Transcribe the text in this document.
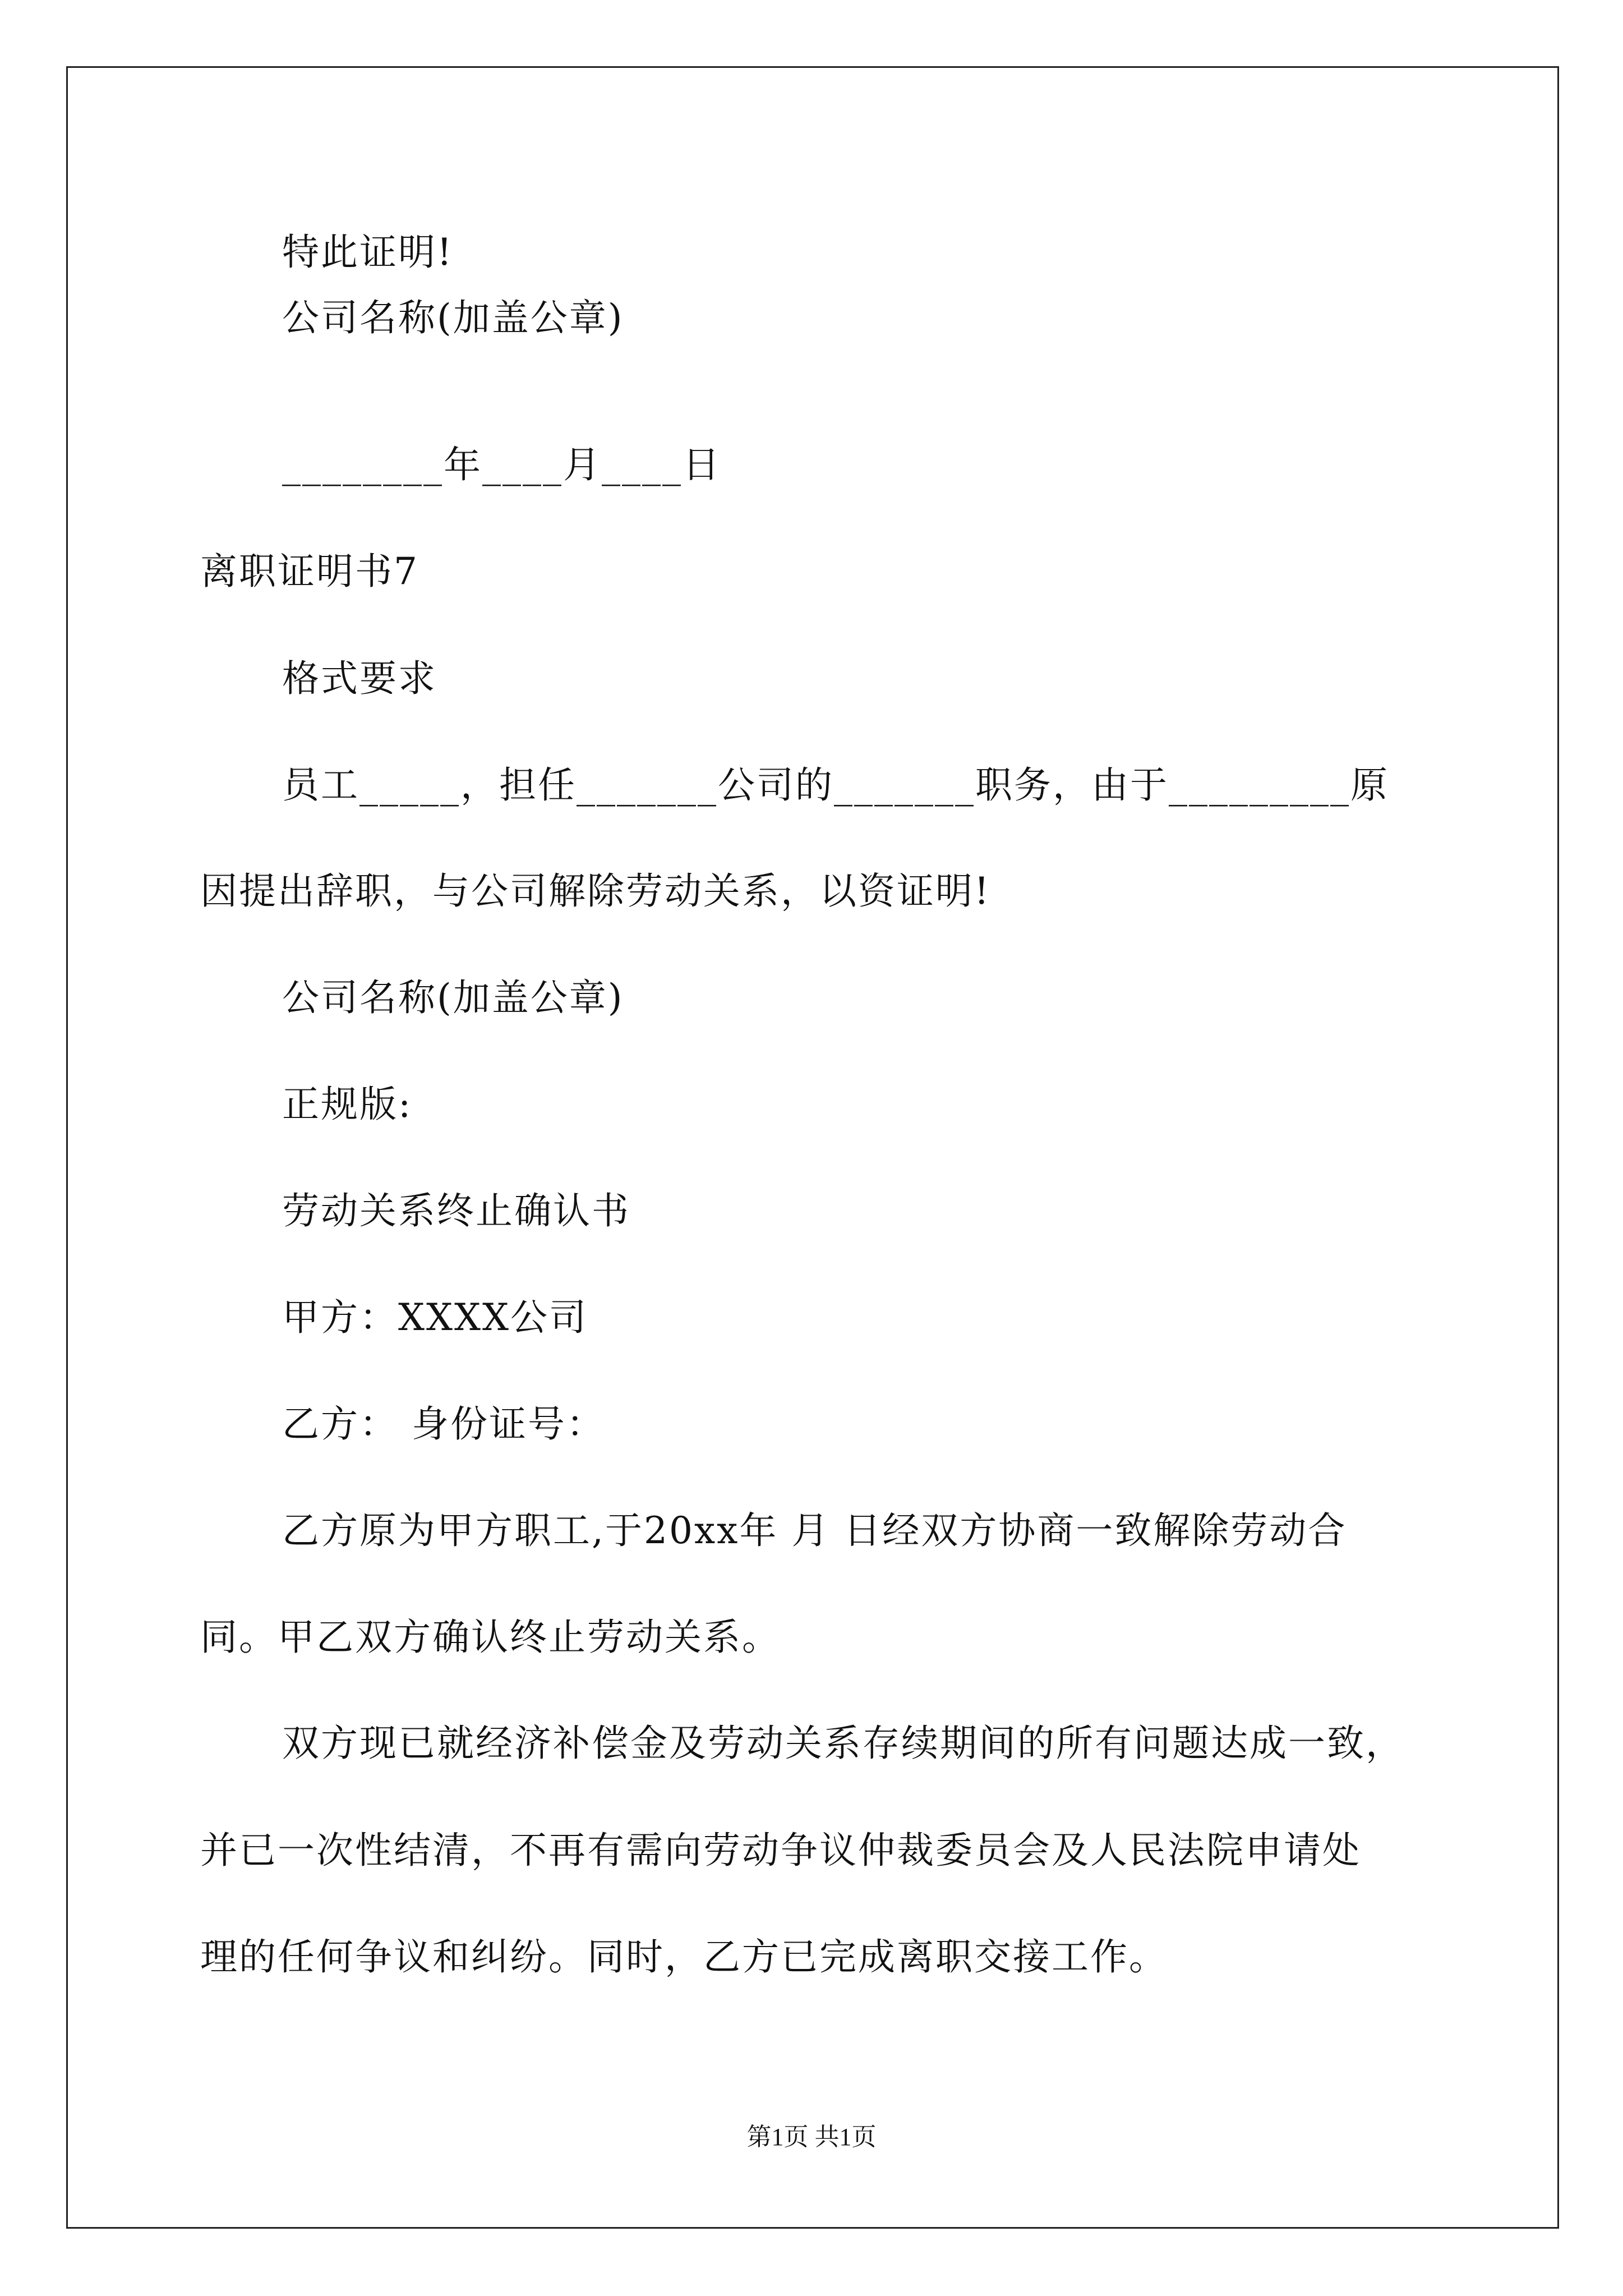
特此证明!
公司名称(加盖公章)
________年____月____日
离职证明书7
格式要求
员工_____，担任_______公司的_______职务，由于_________原
因提出辞职，与公司解除劳动关系，以资证明!
公司名称(加盖公章)
正规版:
劳动关系终止确认书
甲方：XXXX公司
乙方： 身份证号：
乙方原为甲方职工,于20xx年 月 日经双方协商一致解除劳动合
同。甲乙双方确认终止劳动关系。
双方现已就经济补偿金及劳动关系存续期间的所有问题达成一致，
并已一次性结清，不再有需向劳动争议仲裁委员会及人民法院申请处
理的任何争议和纠纷。同时，乙方已完成离职交接工作。
第1页 共1页
